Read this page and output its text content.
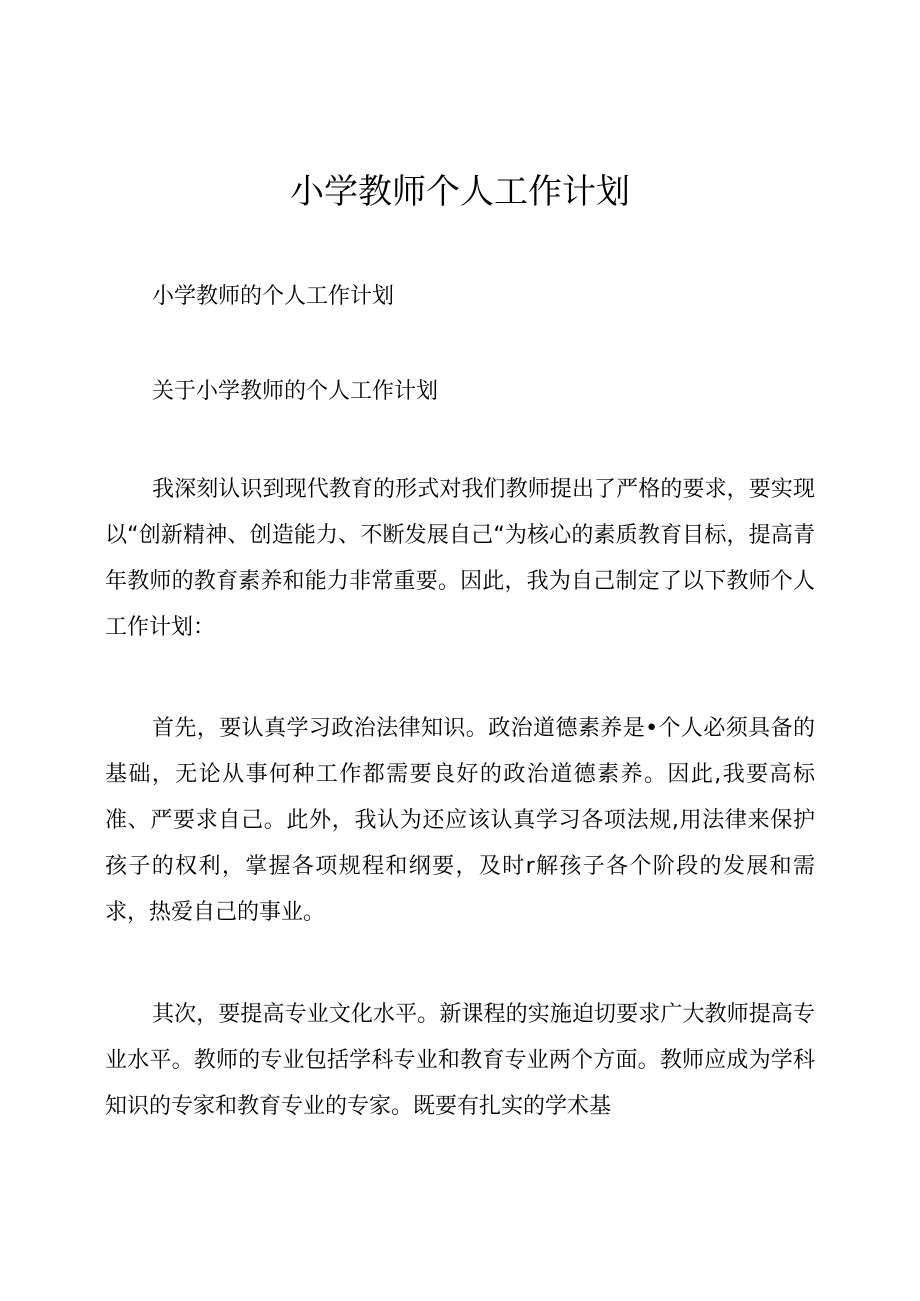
小学教师个人工作计划

小学教师的个人工作计划

关于小学教师的个人工作计划

我深刻认识到现代教育的形式对我们教师提出了严格的要求，要实现以“创新精神、创造能力、不断发展自己“为核心的素质教育目标，提高青年教师的教育素养和能力非常重要。因此，我为自己制定了以下教师个人工作计划：

首先，要认真学习政治法律知识。政治道德素养是•个人必须具备的基础，无论从事何种工作都需要良好的政治道德素养。因此,我要高标准、严要求自己。此外，我认为还应该认真学习各项法规,用法律来保护孩子的权利，掌握各项规程和纲要，及时r解孩子各个阶段的发展和需求，热爱自己的事业。

其次，要提高专业文化水平。新课程的实施迫切要求广大教师提高专业水平。教师的专业包括学科专业和教育专业两个方面。教师应成为学科知识的专家和教育专业的专家。既要有扎实的学术基
